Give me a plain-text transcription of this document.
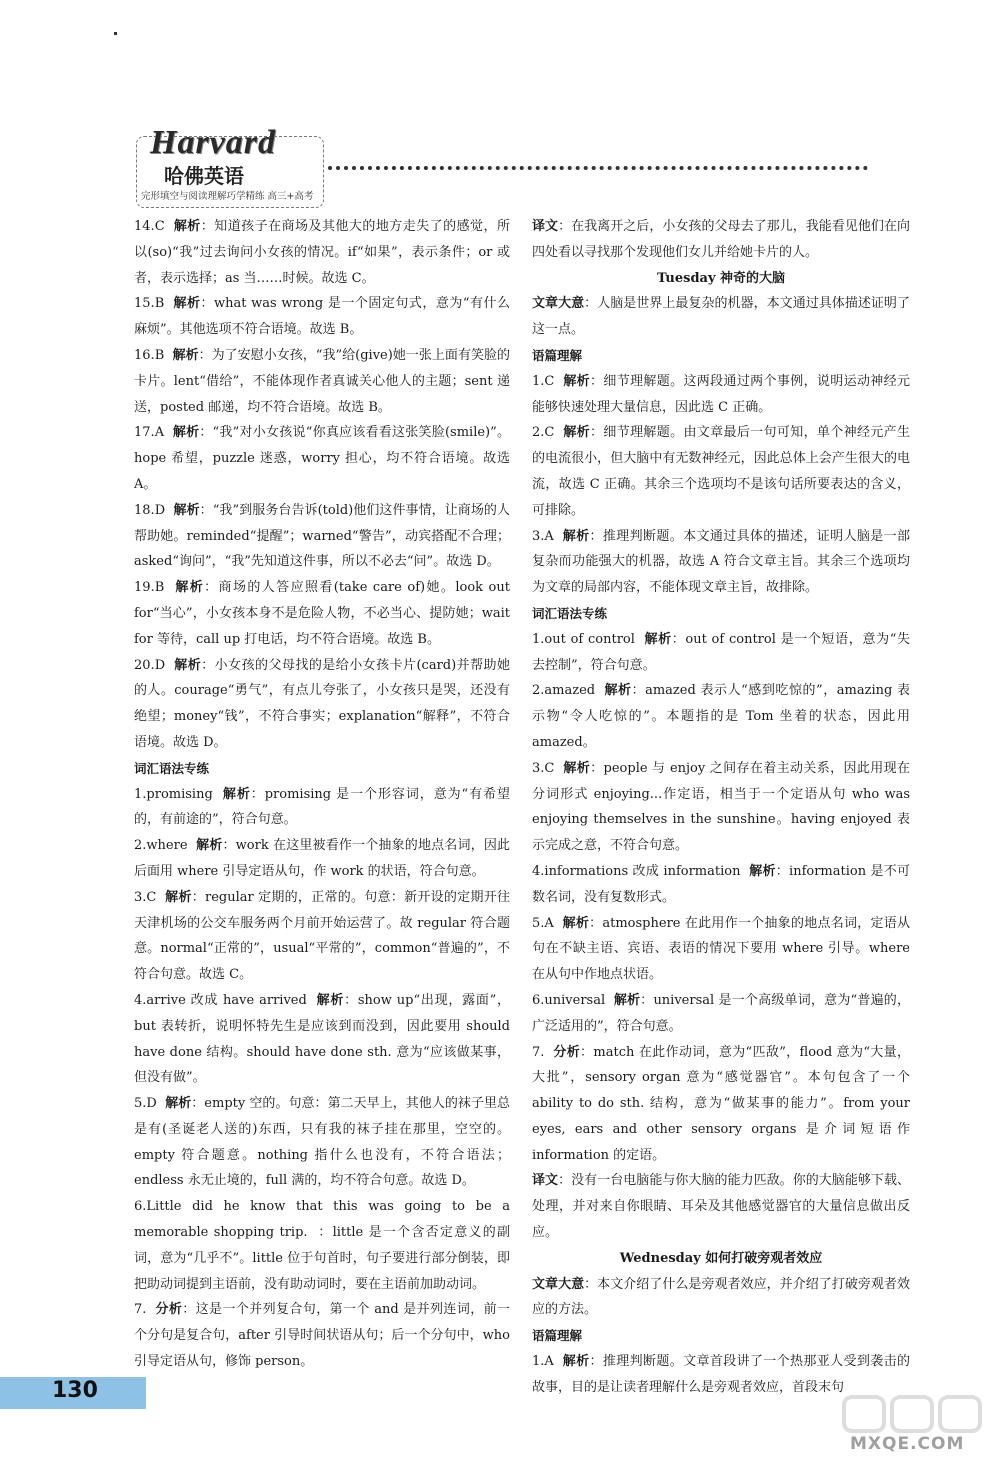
Harvard
哈佛英语
完形填空与阅读理解巧学精练 高三+高考

14.C 解析：知道孩子在商场及其他大的地方走失了的感觉，所以(so)“我”过去询问小女孩的情况。if“如果”，表示条件；or 或者，表示选择；as 当……时候。故选 C。

15.B 解析：what was wrong 是一个固定句式，意为“有什么麻烦”。其他选项不符合语境。故选 B。

16.B 解析：为了安慰小女孩，“我”给(give)她一张上面有笑脸的卡片。lent“借给”，不能体现作者真诚关心他人的主题；sent 递送，posted 邮递，均不符合语境。故选 B。

17.A 解析：“我”对小女孩说“你真应该看看这张笑脸(smile)”。hope 希望，puzzle 迷惑，worry 担心，均不符合语境。故选 A。

18.D 解析：“我”到服务台告诉(told)他们这件事情，让商场的人帮助她。reminded“提醒”；warned“警告”，动宾搭配不合理；asked“询问”，“我”先知道这件事，所以不必去“问”。故选 D。

19.B 解析：商场的人答应照看(take care of)她。look out for“当心”，小女孩本身不是危险人物，不必当心、提防她；wait for 等待，call up 打电话，均不符合语境。故选 B。

20.D 解析：小女孩的父母找的是给小女孩卡片(card)并帮助她的人。courage“勇气”，有点儿夸张了，小女孩只是哭，还没有绝望；money“钱”，不符合事实；explanation“解释”，不符合语境。故选 D。

词汇语法专练

1.promising 解析：promising 是一个形容词，意为“有希望的，有前途的”，符合句意。

2.where 解析：work 在这里被看作一个抽象的地点名词，因此后面用 where 引导定语从句，作 work 的状语，符合句意。

3.C 解析：regular 定期的，正常的。句意：新开设的定期开往天津机场的公交车服务两个月前开始运营了。故 regular 符合题意。normal“正常的”，usual“平常的”，common“普遍的”，不符合句意。故选 C。

4.arrive 改成 have arrived 解析：show up“出现，露面”，but 表转折，说明怀特先生是应该到而没到，因此要用 should have done 结构。should have done sth. 意为“应该做某事，但没有做”。

5.D 解析：empty 空的。句意：第二天早上，其他人的袜子里总是有(圣诞老人送的)东西，只有我的袜子挂在那里，空空的。empty 符合题意。nothing 指什么也没有，不符合语法；endless 永无止境的，full 满的，均不符合句意。故选 D。

6.Little did he know that this was going to be a memorable shopping trip. ：little 是一个含否定意义的副词，意为“几乎不”。little 位于句首时，句子要进行部分倒装，即把助动词提到主语前，没有助动词时，要在主语前加助动词。

7. 分析：这是一个并列复合句，第一个 and 是并列连词，前一个分句是复合句，after 引导时间状语从句；后一个分句中，who 引导定语从句，修饰 person。

译文：在我离开之后，小女孩的父母去了那儿，我能看见他们在向四处看以寻找那个发现他们女儿并给她卡片的人。

Tuesday 神奇的大脑

文章大意：人脑是世界上最复杂的机器，本文通过具体描述证明了这一点。

语篇理解

1.C 解析：细节理解题。这两段通过两个事例，说明运动神经元能够快速处理大量信息，因此选 C 正确。

2.C 解析：细节理解题。由文章最后一句可知，单个神经元产生的电流很小，但大脑中有无数神经元，因此总体上会产生很大的电流，故选 C 正确。其余三个选项均不是该句话所要表达的含义，可排除。

3.A 解析：推理判断题。本文通过具体的描述，证明人脑是一部复杂而功能强大的机器，故选 A 符合文章主旨。其余三个选项均为文章的局部内容，不能体现文章主旨，故排除。

词汇语法专练

1.out of control 解析：out of control 是一个短语，意为“失去控制”，符合句意。

2.amazed 解析：amazed 表示人“感到吃惊的”，amazing 表示物“令人吃惊的”。本题指的是 Tom 坐着的状态，因此用 amazed。

3.C 解析：people 与 enjoy 之间存在着主动关系，因此用现在分词形式 enjoying...作定语，相当于一个定语从句 who was enjoying themselves in the sunshine。having enjoyed 表示完成之意，不符合句意。

4.informations 改成 information 解析：information 是不可数名词，没有复数形式。

5.A 解析：atmosphere 在此用作一个抽象的地点名词，定语从句在不缺主语、宾语、表语的情况下要用 where 引导。where 在从句中作地点状语。

6.universal 解析：universal 是一个高级单词，意为“普遍的，广泛适用的”，符合句意。

7. 分析：match 在此作动词，意为“匹敌”，flood 意为“大量，大批”，sensory organ 意为“感觉器官”。本句包含了一个 ability to do sth. 结构，意为“做某事的能力”。from your eyes, ears and other sensory organs 是介词短语作 information 的定语。

译文：没有一台电脑能与你大脑的能力匹敌。你的大脑能够下载、处理，并对来自你眼睛、耳朵及其他感觉器官的大量信息做出反应。

Wednesday 如何打破旁观者效应

文章大意：本文介绍了什么是旁观者效应，并介绍了打破旁观者效应的方法。

语篇理解

1.A 解析：推理判断题。文章首段讲了一个热那亚人受到袭击的故事，目的是让读者理解什么是旁观者效应，首段末句

130
MXQE.COM
